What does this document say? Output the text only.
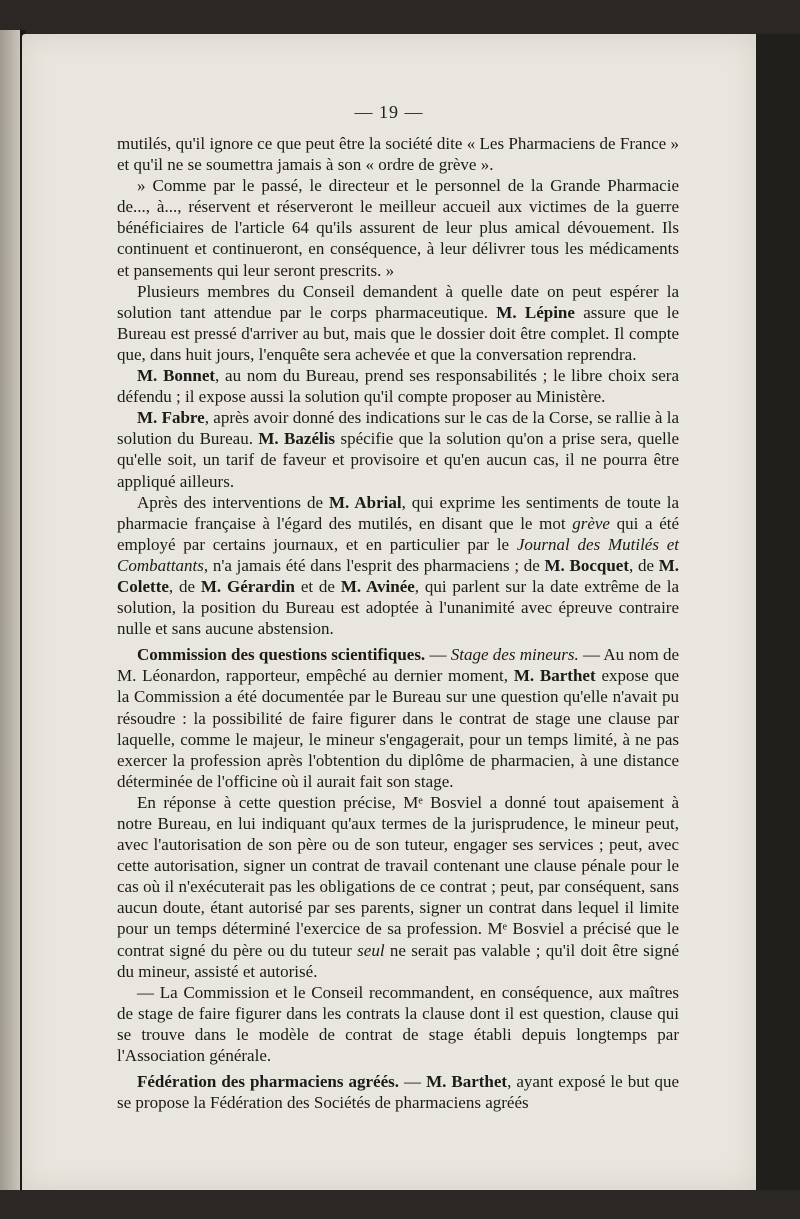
— 19 —

mutilés, qu'il ignore ce que peut être la société dite « Les Pharmaciens de France » et qu'il ne se soumettra jamais à son « ordre de grève ».

» Comme par le passé, le directeur et le personnel de la Grande Pharmacie de..., à..., réservent et réserveront le meilleur accueil aux victimes de la guerre bénéficiaires de l'article 64 qu'ils assurent de leur plus amical dévouement. Ils continuent et continueront, en conséquence, à leur délivrer tous les médicaments et pansements qui leur seront prescrits. »

Plusieurs membres du Conseil demandent à quelle date on peut espérer la solution tant attendue par le corps pharmaceutique. M. Lépine assure que le Bureau est pressé d'arriver au but, mais que le dossier doit être complet. Il compte que, dans huit jours, l'enquête sera achevée et que la conversation reprendra.

M. Bonnet, au nom du Bureau, prend ses responsabilités ; le libre choix sera défendu ; il expose aussi la solution qu'il compte proposer au Ministère.

M. Fabre, après avoir donné des indications sur le cas de la Corse, se rallie à la solution du Bureau. M. Bazélis spécifie que la solution qu'on a prise sera, quelle qu'elle soit, un tarif de faveur et provisoire et qu'en aucun cas, il ne pourra être appliqué ailleurs.

Après des interventions de M. Abrial, qui exprime les sentiments de toute la pharmacie française à l'égard des mutilés, en disant que le mot grève qui a été employé par certains journaux, et en particulier par le Journal des Mutilés et Combattants, n'a jamais été dans l'esprit des pharmaciens ; de M. Bocquet, de M. Colette, de M. Gérardin et de M. Avinée, qui parlent sur la date extrême de la solution, la position du Bureau est adoptée à l'unanimité avec épreuve contraire nulle et sans aucune abstension.

Commission des questions scientifiques. — Stage des mineurs. — Au nom de M. Léonardon, rapporteur, empêché au dernier moment, M. Barthet expose que la Commission a été documentée par le Bureau sur une question qu'elle n'avait pu résoudre : la possibilité de faire figurer dans le contrat de stage une clause par laquelle, comme le majeur, le mineur s'engagerait, pour un temps limité, à ne pas exercer la profession après l'obtention du diplôme de pharmacien, à une distance déterminée de l'officine où il aurait fait son stage.

En réponse à cette question précise, Mᵉ Bosviel a donné tout apaisement à notre Bureau, en lui indiquant qu'aux termes de la jurisprudence, le mineur peut, avec l'autorisation de son père ou de son tuteur, engager ses services ; peut, avec cette autorisation, signer un contrat de travail contenant une clause pénale pour le cas où il n'exécuterait pas les obligations de ce contrat ; peut, par conséquent, sans aucun doute, étant autorisé par ses parents, signer un contrat dans lequel il limite pour un temps déterminé l'exercice de sa profession. Mᵉ Bosviel a précisé que le contrat signé du père ou du tuteur seul ne serait pas valable ; qu'il doit être signé du mineur, assisté et autorisé.

— La Commission et le Conseil recommandent, en conséquence, aux maîtres de stage de faire figurer dans les contrats la clause dont il est question, clause qui se trouve dans le modèle de contrat de stage établi depuis longtemps par l'Association générale.

Fédération des pharmaciens agréés. — M. Barthet, ayant exposé le but que se propose la Fédération des Sociétés de pharmaciens agréés
